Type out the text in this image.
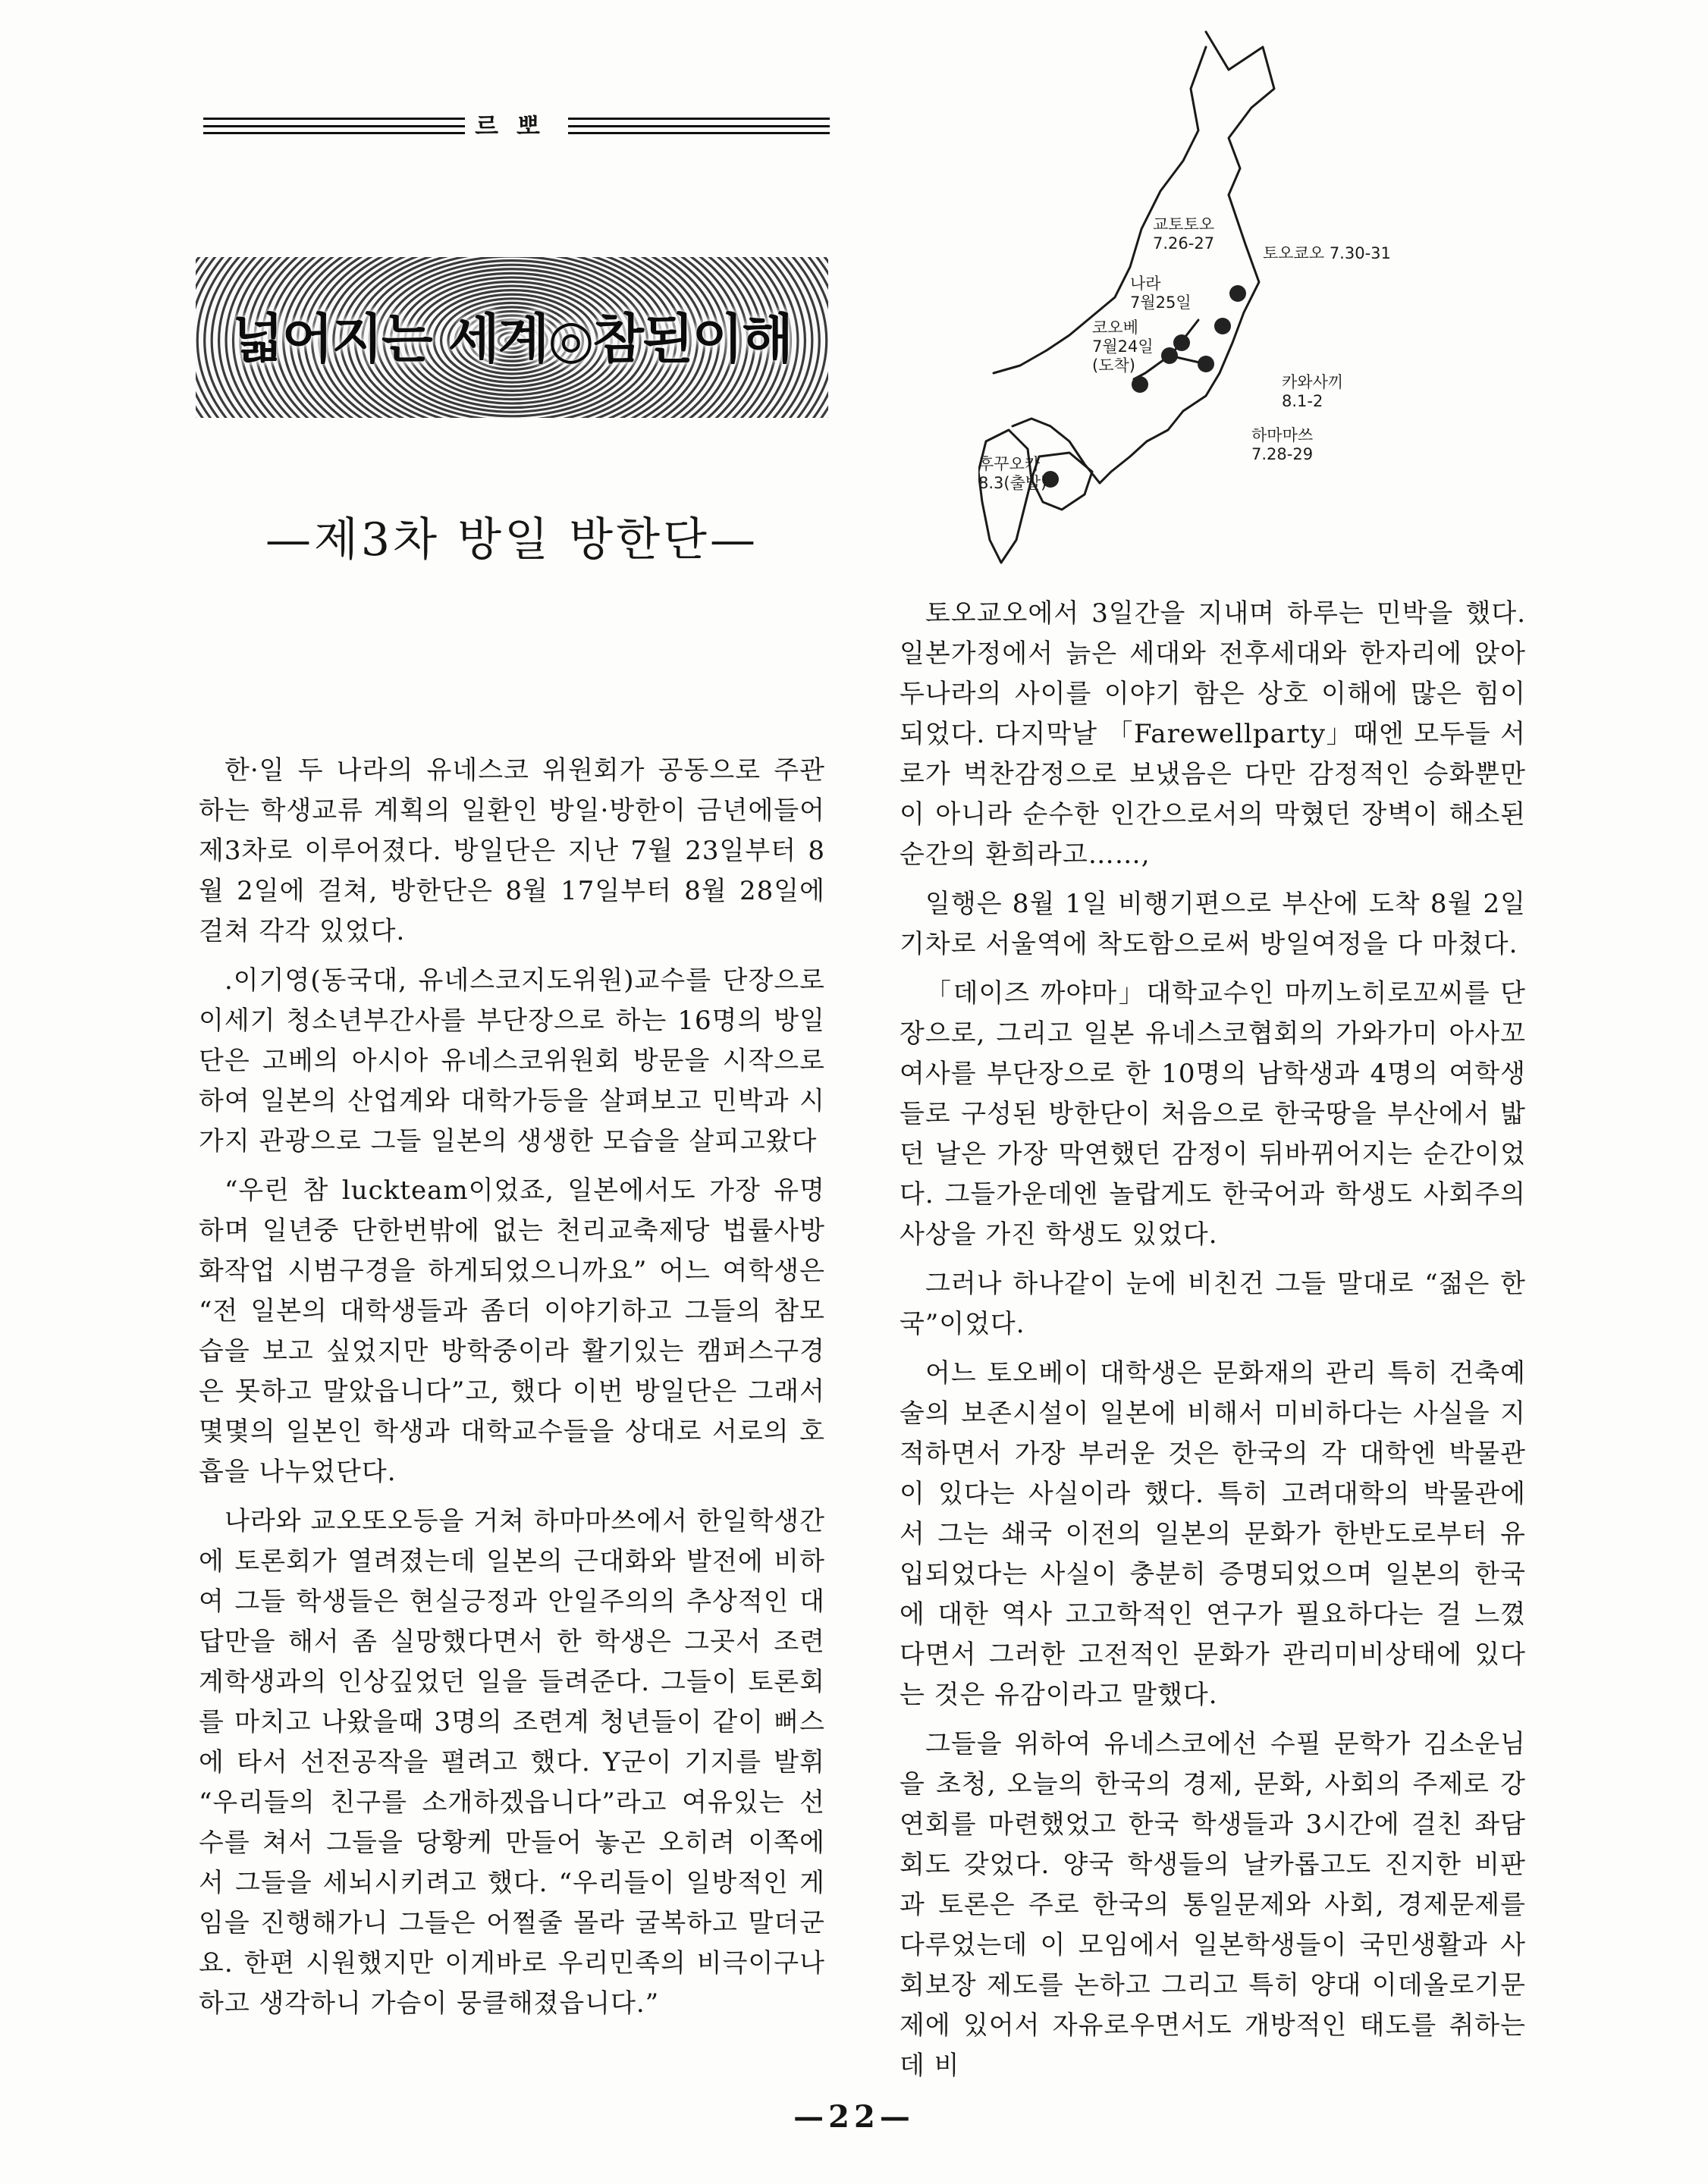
르뽀
넓어지는 세계◎참된이해
—제3차 방일 방한단—
교토토오
7.26-27
나라
7월25일
코오베
7월24일
(도착)
토오쿄오 7.30-31
카와사끼
8.1-2
하마마쓰
7.28-29
후꾸오카
8.3(출발)

한·일 두 나라의 유네스코 위원회가 공동으로 주관하는 학생교류 계획의 일환인 방일·방한이 금년에들어 제3차로 이루어졌다. 방일단은 지난 7월 23일부터 8월 2일에 걸쳐, 방한단은 8월 17일부터 8월 28일에 걸쳐 각각 있었다.

.이기영(동국대, 유네스코지도위원)교수를 단장으로 이세기 청소년부간사를 부단장으로 하는 16명의 방일단은 고베의 아시아 유네스코위원회 방문을 시작으로 하여 일본의 산업계와 대학가등을 살펴보고 민박과 시가지 관광으로 그들 일본의 생생한 모습을 살피고왔다

“우린 참 luckteam이었죠, 일본에서도 가장 유명하며 일년중 단한번밖에 없는 천리교축제당 법률사방화작업 시범구경을 하게되었으니까요” 어느 여학생은 “전 일본의 대학생들과 좀더 이야기하고 그들의 참모습을 보고 싶었지만 방학중이라 활기있는 캠퍼스구경은 못하고 말았읍니다”고, 했다 이번 방일단은 그래서 몇몇의 일본인 학생과 대학교수들을 상대로 서로의 호흡을 나누었단다.

나라와 교오또오등을 거쳐 하마마쓰에서 한일학생간에 토론회가 열려졌는데 일본의 근대화와 발전에 비하여 그들 학생들은 현실긍정과 안일주의의 추상적인 대답만을 해서 좀 실망했다면서 한 학생은 그곳서 조련계학생과의 인상깊었던 일을 들려준다. 그들이 토론회를 마치고 나왔을때 3명의 조련계 청년들이 같이 뻐스에 타서 선전공작을 펼려고 했다. Y군이 기지를 발휘 “우리들의 친구를 소개하겠읍니다”라고 여유있는 선수를 쳐서 그들을 당황케 만들어 놓곤 오히려 이쪽에서 그들을 세뇌시키려고 했다. “우리들이 일방적인 게임을 진행해가니 그들은 어쩔줄 몰라 굴복하고 말더군요. 한편 시원했지만 이게바로 우리민족의 비극이구나 하고 생각하니 가슴이 뭉클해졌읍니다.”

토오교오에서 3일간을 지내며 하루는 민박을 했다. 일본가정에서 늙은 세대와 전후세대와 한자리에 앉아 두나라의 사이를 이야기 함은 상호 이해에 많은 힘이 되었다. 다지막날 「Farewellparty」때엔 모두들 서로가 벅찬감정으로 보냈음은 다만 감정적인 승화뿐만이 아니라 순수한 인간으로서의 막혔던 장벽이 해소된 순간의 환희라고……,

일행은 8월 1일 비행기편으로 부산에 도착 8월 2일 기차로 서울역에 착도함으로써 방일여정을 다 마쳤다.

「데이즈 까야마」대학교수인 마끼노히로꼬씨를 단장으로, 그리고 일본 유네스코협회의 가와가미 아사꼬여사를 부단장으로 한 10명의 남학생과 4명의 여학생들로 구성된 방한단이 처음으로 한국땅을 부산에서 밟던 날은 가장 막연했던 감정이 뒤바뀌어지는 순간이었다. 그들가운데엔 놀랍게도 한국어과 학생도 사회주의 사상을 가진 학생도 있었다.

그러나 하나같이 눈에 비친건 그들 말대로 “젊은 한국”이었다.

어느 토오베이 대학생은 문화재의 관리 특히 건축예술의 보존시설이 일본에 비해서 미비하다는 사실을 지적하면서 가장 부러운 것은 한국의 각 대학엔 박물관이 있다는 사실이라 했다. 특히 고려대학의 박물관에서 그는 쇄국 이전의 일본의 문화가 한반도로부터 유입되었다는 사실이 충분히 증명되었으며 일본의 한국에 대한 역사 고고학적인 연구가 필요하다는 걸 느꼈다면서 그러한 고전적인 문화가 관리미비상태에 있다는 것은 유감이라고 말했다.

그들을 위하여 유네스코에선 수필 문학가 김소운님을 초청, 오늘의 한국의 경제, 문화, 사회의 주제로 강연회를 마련했었고 한국 학생들과 3시간에 걸친 좌담회도 갖었다. 양국 학생들의 날카롭고도 진지한 비판과 토론은 주로 한국의 통일문제와 사회, 경제문제를 다루었는데 이 모임에서 일본학생들이 국민생활과 사회보장 제도를 논하고 그리고 특히 양대 이데올로기문제에 있어서 자유로우면서도 개방적인 태도를 취하는데 비

—22—
